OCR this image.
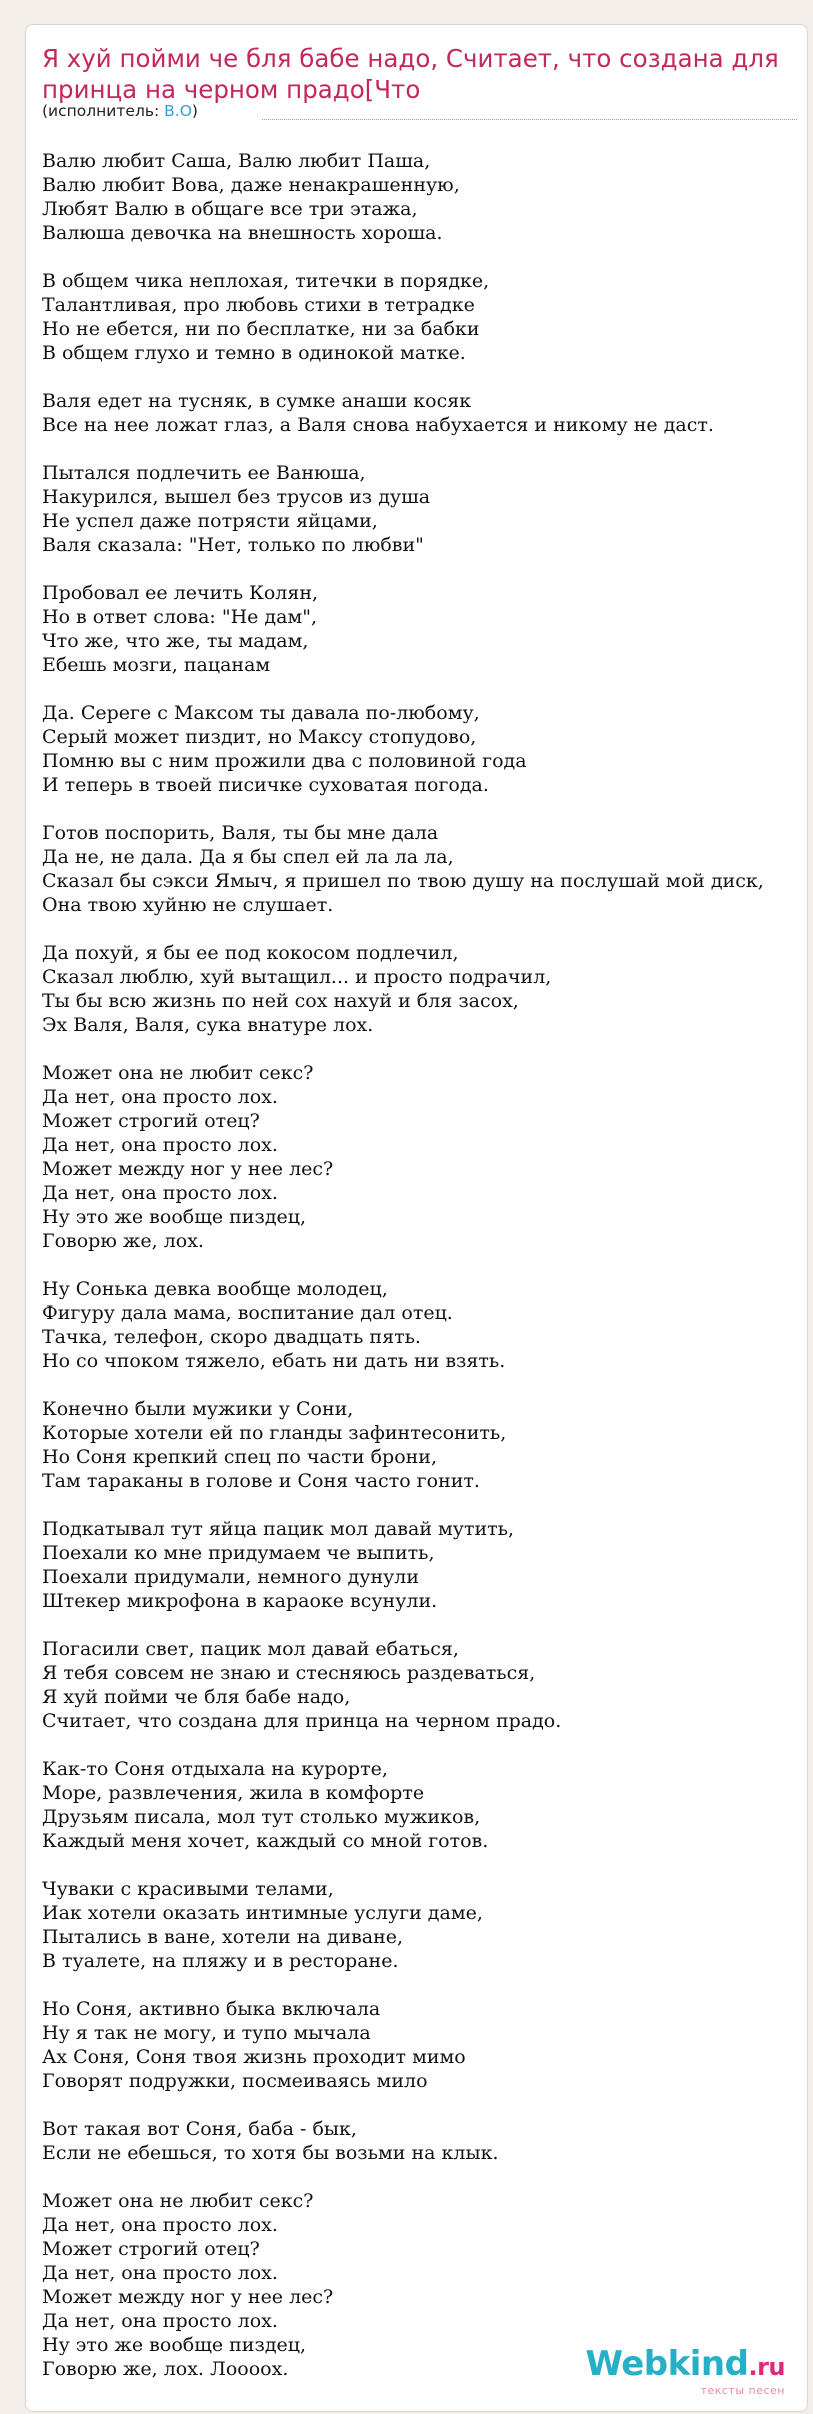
Я хуй пойми че бля бабе надо, Считает, что создана для принца на черном прадо[Что
(исполнитель: B.O)
Валю любит Саша, Валю любит Паша,
Валю любит Вова, даже ненакрашенную,
Любят Валю в общаге все три этажа,
Валюша девочка на внешность хороша.
В общем чика неплохая, титечки в порядке,
Талантливая, про любовь стихи в тетрадке
Но не ебется, ни по бесплатке, ни за бабки
В общем глухо и темно в одинокой матке.
Валя едет на тусняк, в сумке анаши косяк
Все на нее ложат глаз, а Валя снова набухается и никому не даст.
Пытался подлечить ее Ванюша,
Накурился, вышел без трусов из душа
Не успел даже потрясти яйцами,
Валя сказала: "Нет, только по любви"
Пробовал ее лечить Колян,
Но в ответ слова: "Не дам",
Что же, что же, ты мадам,
Ебешь мозги, пацанам
Да. Сереге с Максом ты давала по-любому,
Серый может пиздит, но Максу стопудово,
Помню вы с ним прожили два с половиной года
И теперь в твоей писичке суховатая погода.
Готов поспорить, Валя, ты бы мне дала
Да не, не дала. Да я бы спел ей ла ла ла,
Сказал бы сэкси Ямыч, я пришел по твою душу на послушай мой диск,
Она твою хуйню не слушает.
Да похуй, я бы ее под кокосом подлечил,
Сказал люблю, хуй вытащил... и просто подрачил,
Ты бы всю жизнь по ней сох нахуй и бля засох,
Эх Валя, Валя, сука внатуре лох.
Может она не любит секс?
Да нет, она просто лох.
Может строгий отец?
Да нет, она просто лох.
Может между ног у нее лес?
Да нет, она просто лох.
Ну это же вообще пиздец,
Говорю же, лох.
Ну Сонька девка вообще молодец,
Фигуру дала мама, воспитание дал отец.
Тачка, телефон, скоро двадцать пять.
Но со чпоком тяжело, ебать ни дать ни взять.
Конечно были мужики у Сони,
Которые хотели ей по гланды зафинтесонить,
Но Соня крепкий спец по части брони,
Там тараканы в голове и Соня часто гонит.
Подкатывал тут яйца пацик мол давай мутить,
Поехали ко мне придумаем че выпить,
Поехали придумали, немного дунули
Штекер микрофона в караоке всунули.
Погасили свет, пацик мол давай ебаться,
Я тебя совсем не знаю и стесняюсь раздеваться,
Я хуй пойми че бля бабе надо,
Считает, что создана для принца на черном прадо.
Как-то Соня отдыхала на курорте,
Море, развлечения, жила в комфорте
Друзьям писала, мол тут столько мужиков,
Каждый меня хочет, каждый со мной готов.
Чуваки с красивыми телами,
Иак хотели оказать интимные услуги даме,
Пытались в ване, хотели на диване,
В туалете, на пляжу и в ресторане.
Но Соня, активно быка включала
Ну я так не могу, и тупо мычала
Ах Соня, Соня твоя жизнь проходит мимо
Говорят подружки, посмеиваясь мило
Вот такая вот Соня, баба - бык,
Если не ебешься, то хотя бы возьми на клык.
Может она не любит секс?
Да нет, она просто лох.
Может строгий отец?
Да нет, она просто лох.
Может между ног у нее лес?
Да нет, она просто лох.
Ну это же вообще пиздец,
Говорю же, лох. Лооооx.	Webkind.ru
тексты песен
